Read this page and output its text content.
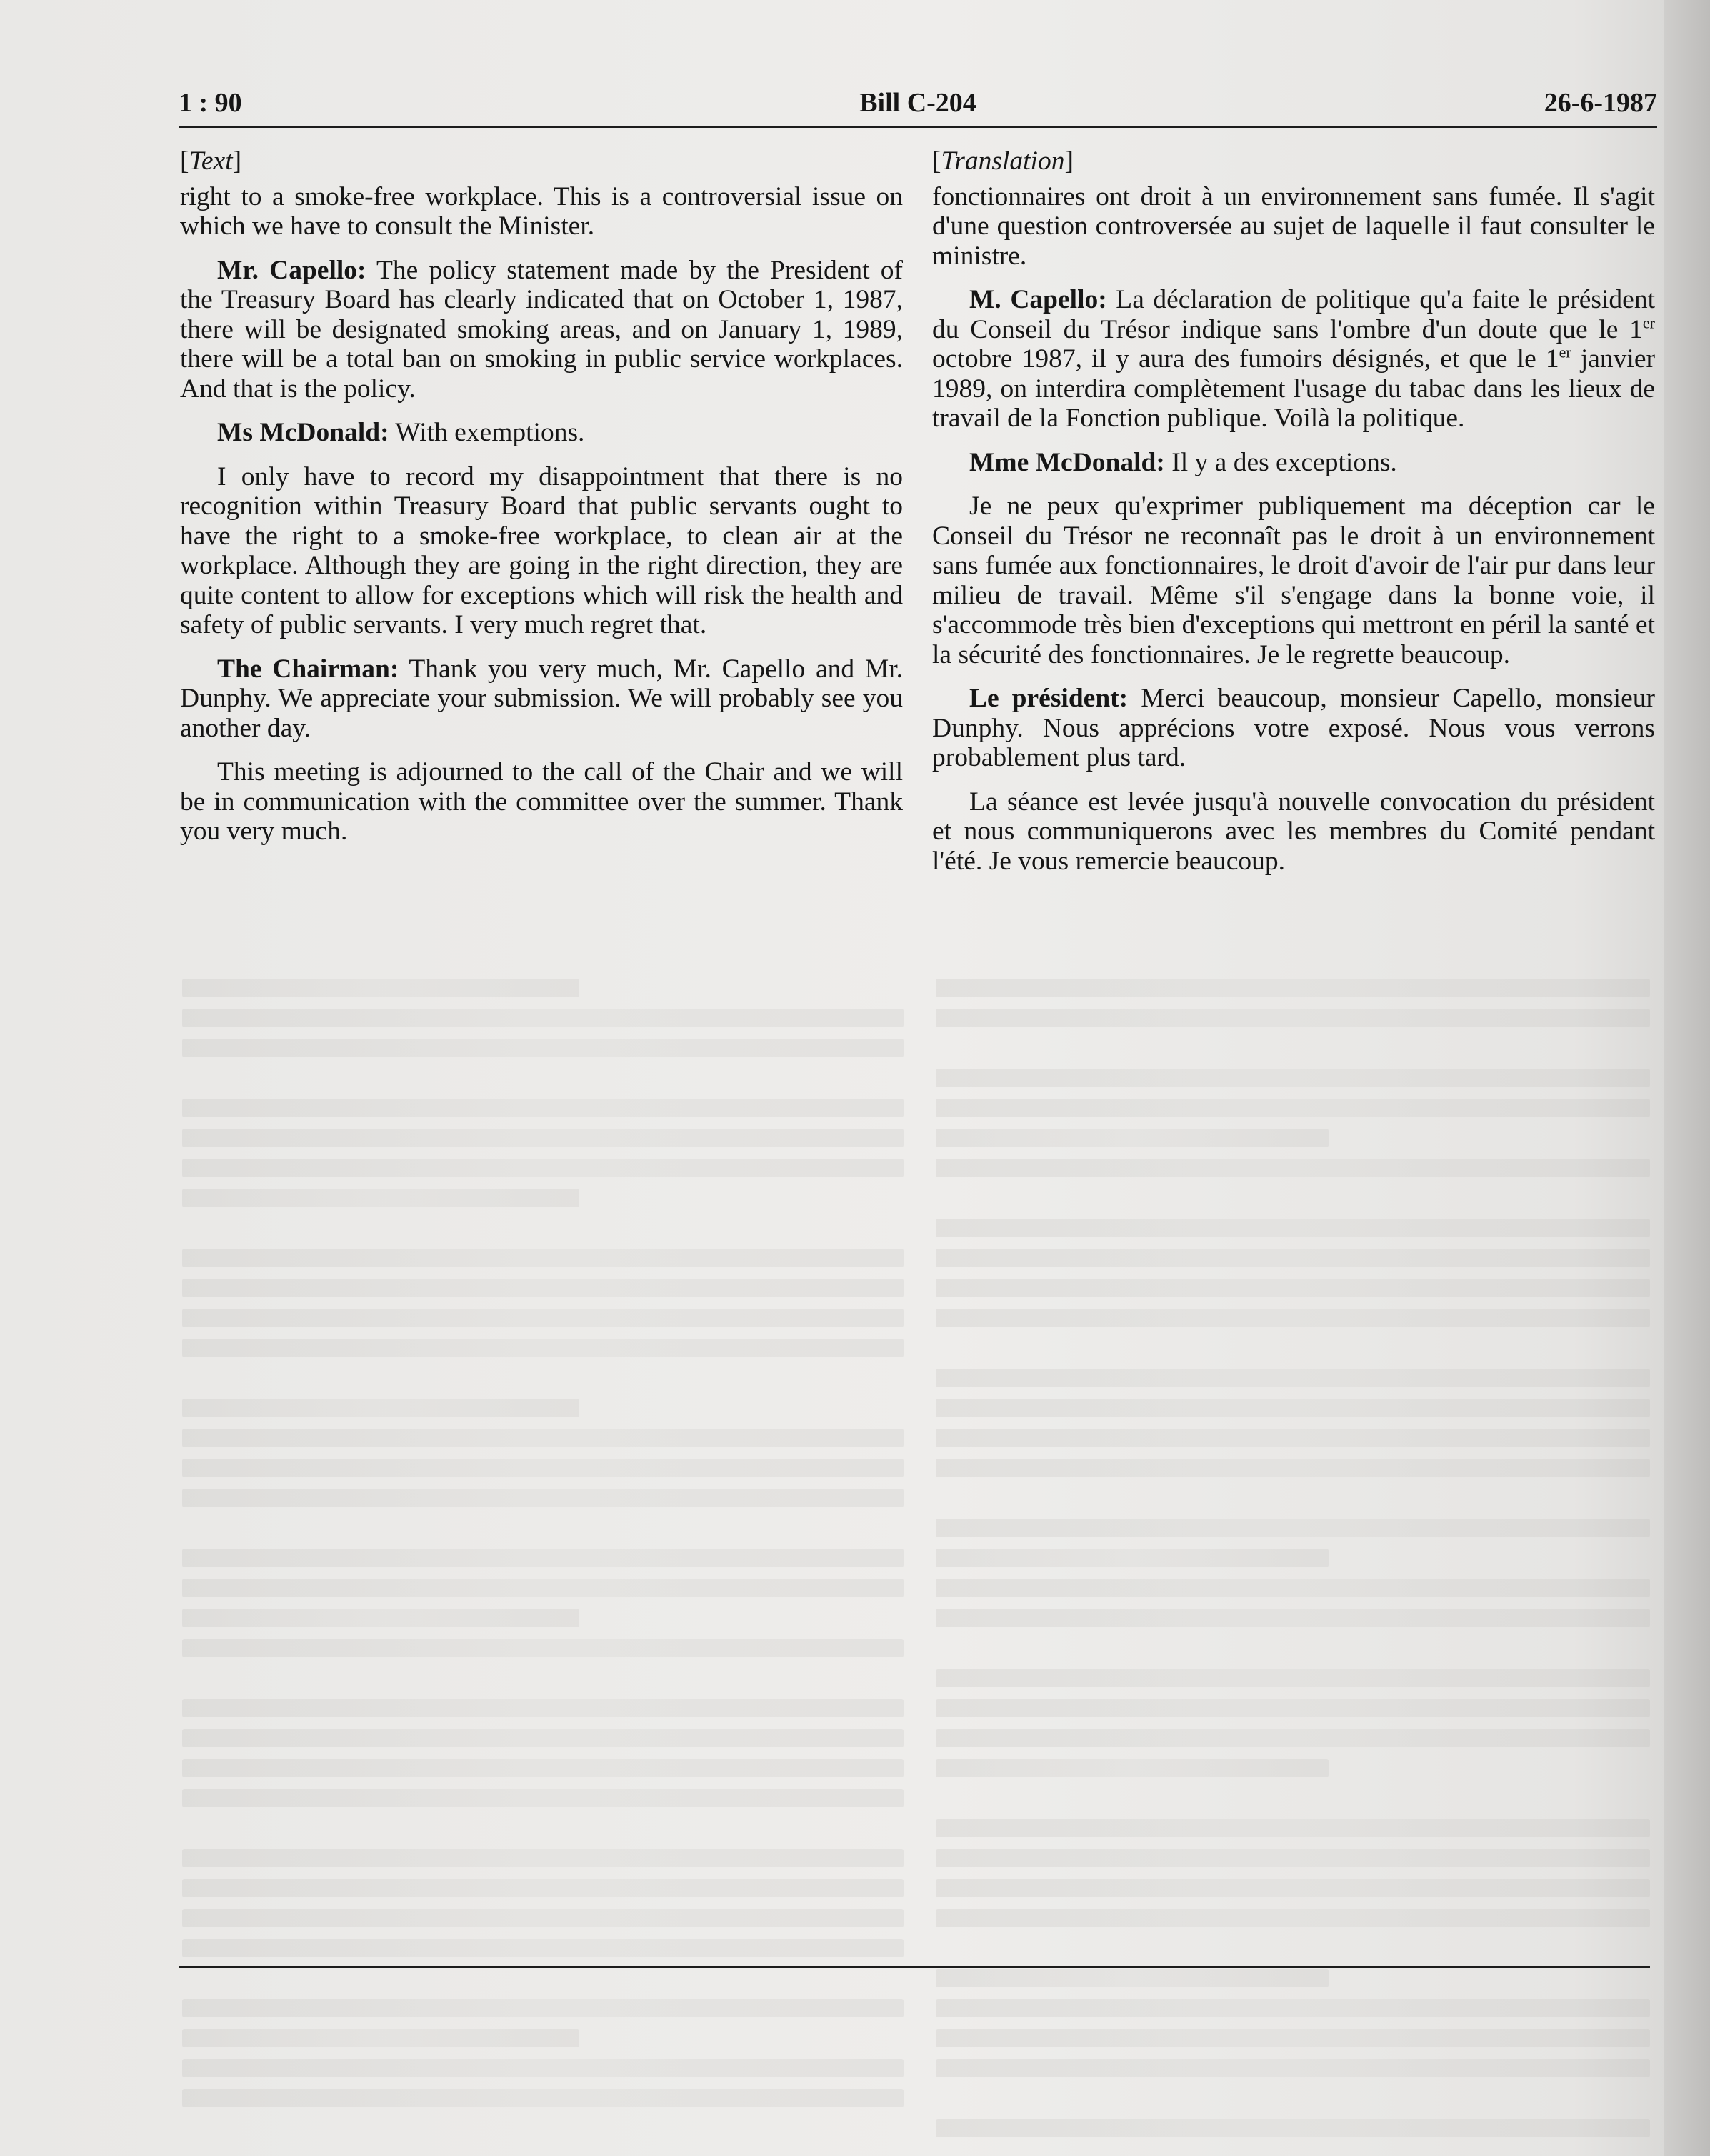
1 : 90	Bill C-204	26-6-1987
[Text]

right to a smoke-free workplace. This is a controversial issue on which we have to consult the Minister.

Mr. Capello: The policy statement made by the President of the Treasury Board has clearly indicated that on October 1, 1987, there will be designated smoking areas, and on January 1, 1989, there will be a total ban on smoking in public service workplaces. And that is the policy.

Ms McDonald: With exemptions.

I only have to record my disappointment that there is no recognition within Treasury Board that public servants ought to have the right to a smoke-free workplace, to clean air at the workplace. Although they are going in the right direction, they are quite content to allow for exceptions which will risk the health and safety of public servants. I very much regret that.

The Chairman: Thank you very much, Mr. Capello and Mr. Dunphy. We appreciate your submission. We will probably see you another day.

This meeting is adjourned to the call of the Chair and we will be in communication with the committee over the summer. Thank you very much.

[Translation]

fonctionnaires ont droit à un environnement sans fumée. Il s'agit d'une question controversée au sujet de laquelle il faut consulter le ministre.

M. Capello: La déclaration de politique qu'a faite le président du Conseil du Trésor indique sans l'ombre d'un doute que le 1er octobre 1987, il y aura des fumoirs désignés, et que le 1er janvier 1989, on interdira complètement l'usage du tabac dans les lieux de travail de la Fonction publique. Voilà la politique.

Mme McDonald: Il y a des exceptions.

Je ne peux qu'exprimer publiquement ma déception car le Conseil du Trésor ne reconnaît pas le droit à un environnement sans fumée aux fonctionnaires, le droit d'avoir de l'air pur dans leur milieu de travail. Même s'il s'engage dans la bonne voie, il s'accommode très bien d'exceptions qui mettront en péril la santé et la sécurité des fonctionnaires. Je le regrette beaucoup.

Le président: Merci beaucoup, monsieur Capello, monsieur Dunphy. Nous apprécions votre exposé. Nous vous verrons probablement plus tard.

La séance est levée jusqu'à nouvelle convocation du président et nous communiquerons avec les membres du Comité pendant l'été. Je vous remercie beaucoup.
